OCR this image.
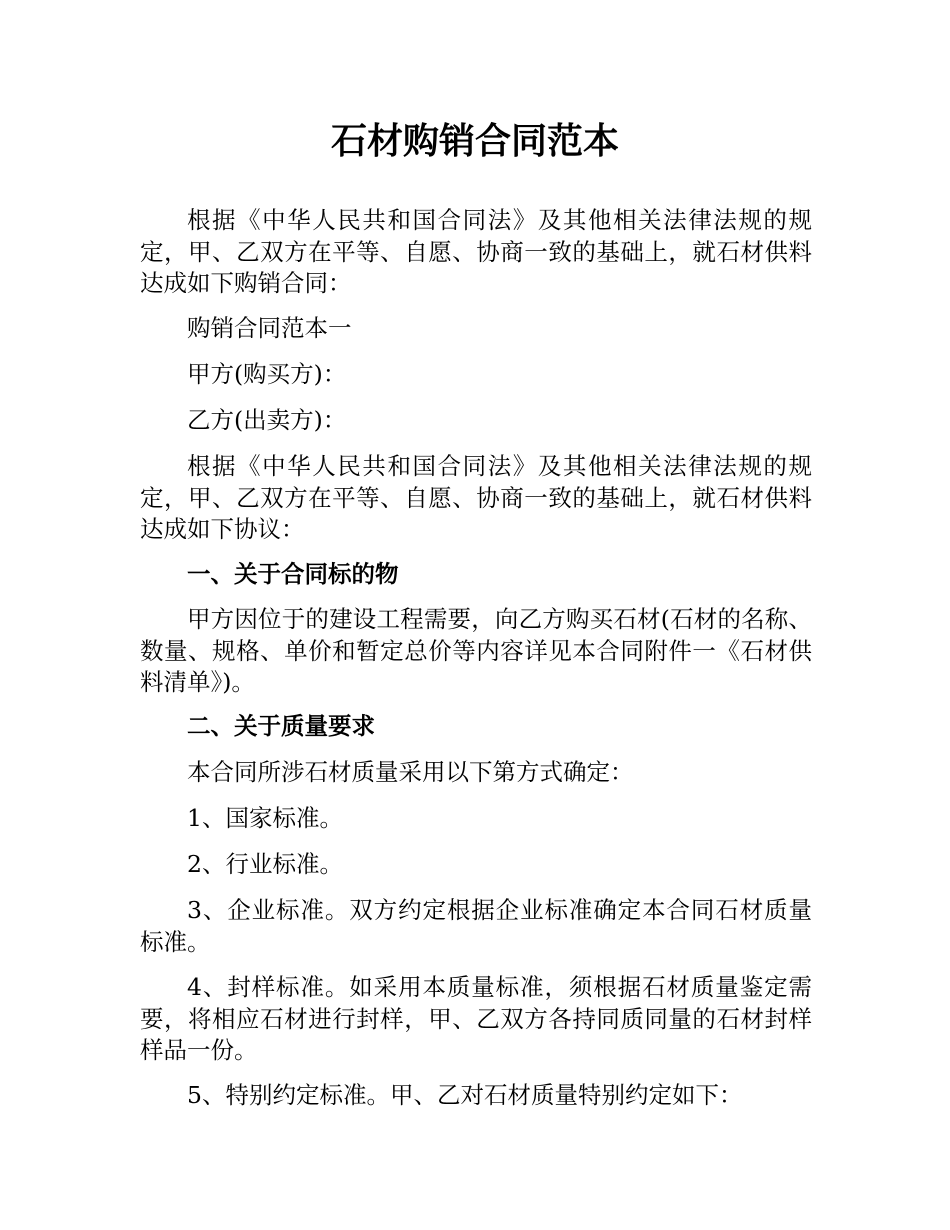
石材购销合同范本

根据《中华人民共和国合同法》及其他相关法律法规的规定，甲、乙双方在平等、自愿、协商一致的基础上，就石材供料达成如下购销合同：

购销合同范本一

甲方(购买方)：

乙方(出卖方)：

根据《中华人民共和国合同法》及其他相关法律法规的规定，甲、乙双方在平等、自愿、协商一致的基础上，就石材供料达成如下协议：

一、关于合同标的物

甲方因位于的建设工程需要，向乙方购买石材(石材的名称、数量、规格、单价和暂定总价等内容详见本合同附件一《石材供料清单》)。

二、关于质量要求

本合同所涉石材质量采用以下第方式确定：

1、国家标准。

2、行业标准。

3、企业标准。双方约定根据企业标准确定本合同石材质量标准。

4、封样标准。如采用本质量标准，须根据石材质量鉴定需要，将相应石材进行封样，甲、乙双方各持同质同量的石材封样样品一份。

5、特别约定标准。甲、乙对石材质量特别约定如下：
